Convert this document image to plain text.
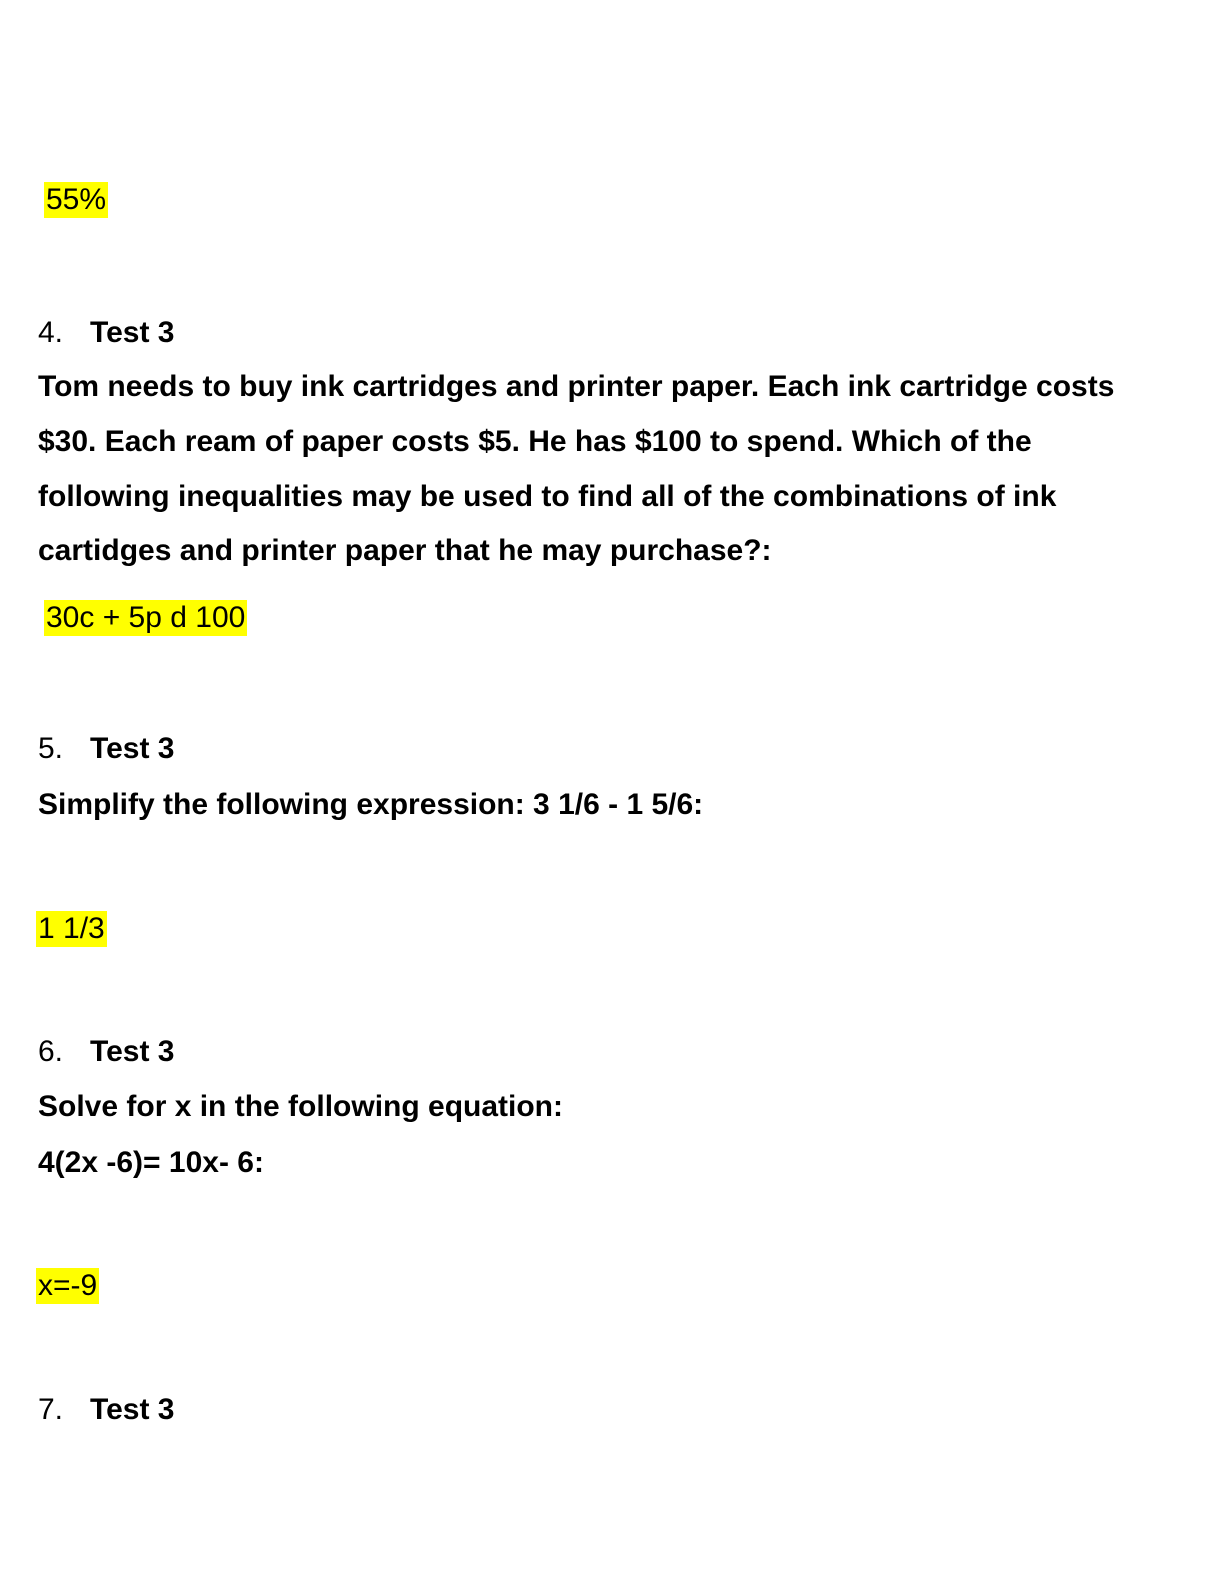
55%
4. Test 3
Tom needs to buy ink cartridges and printer paper. Each ink cartridge costs
$30. Each ream of paper costs $5. He has $100 to spend. Which of the
following inequalities may be used to find all of the combinations of ink
cartidges and printer paper that he may purchase?:
30c + 5p d 100
5. Test 3
Simplify the following expression: 3 1/6 - 1 5/6:
1 1/3
6. Test 3
Solve for x in the following equation:
4(2x -6)= 10x- 6:
x=-9
7. Test 3
